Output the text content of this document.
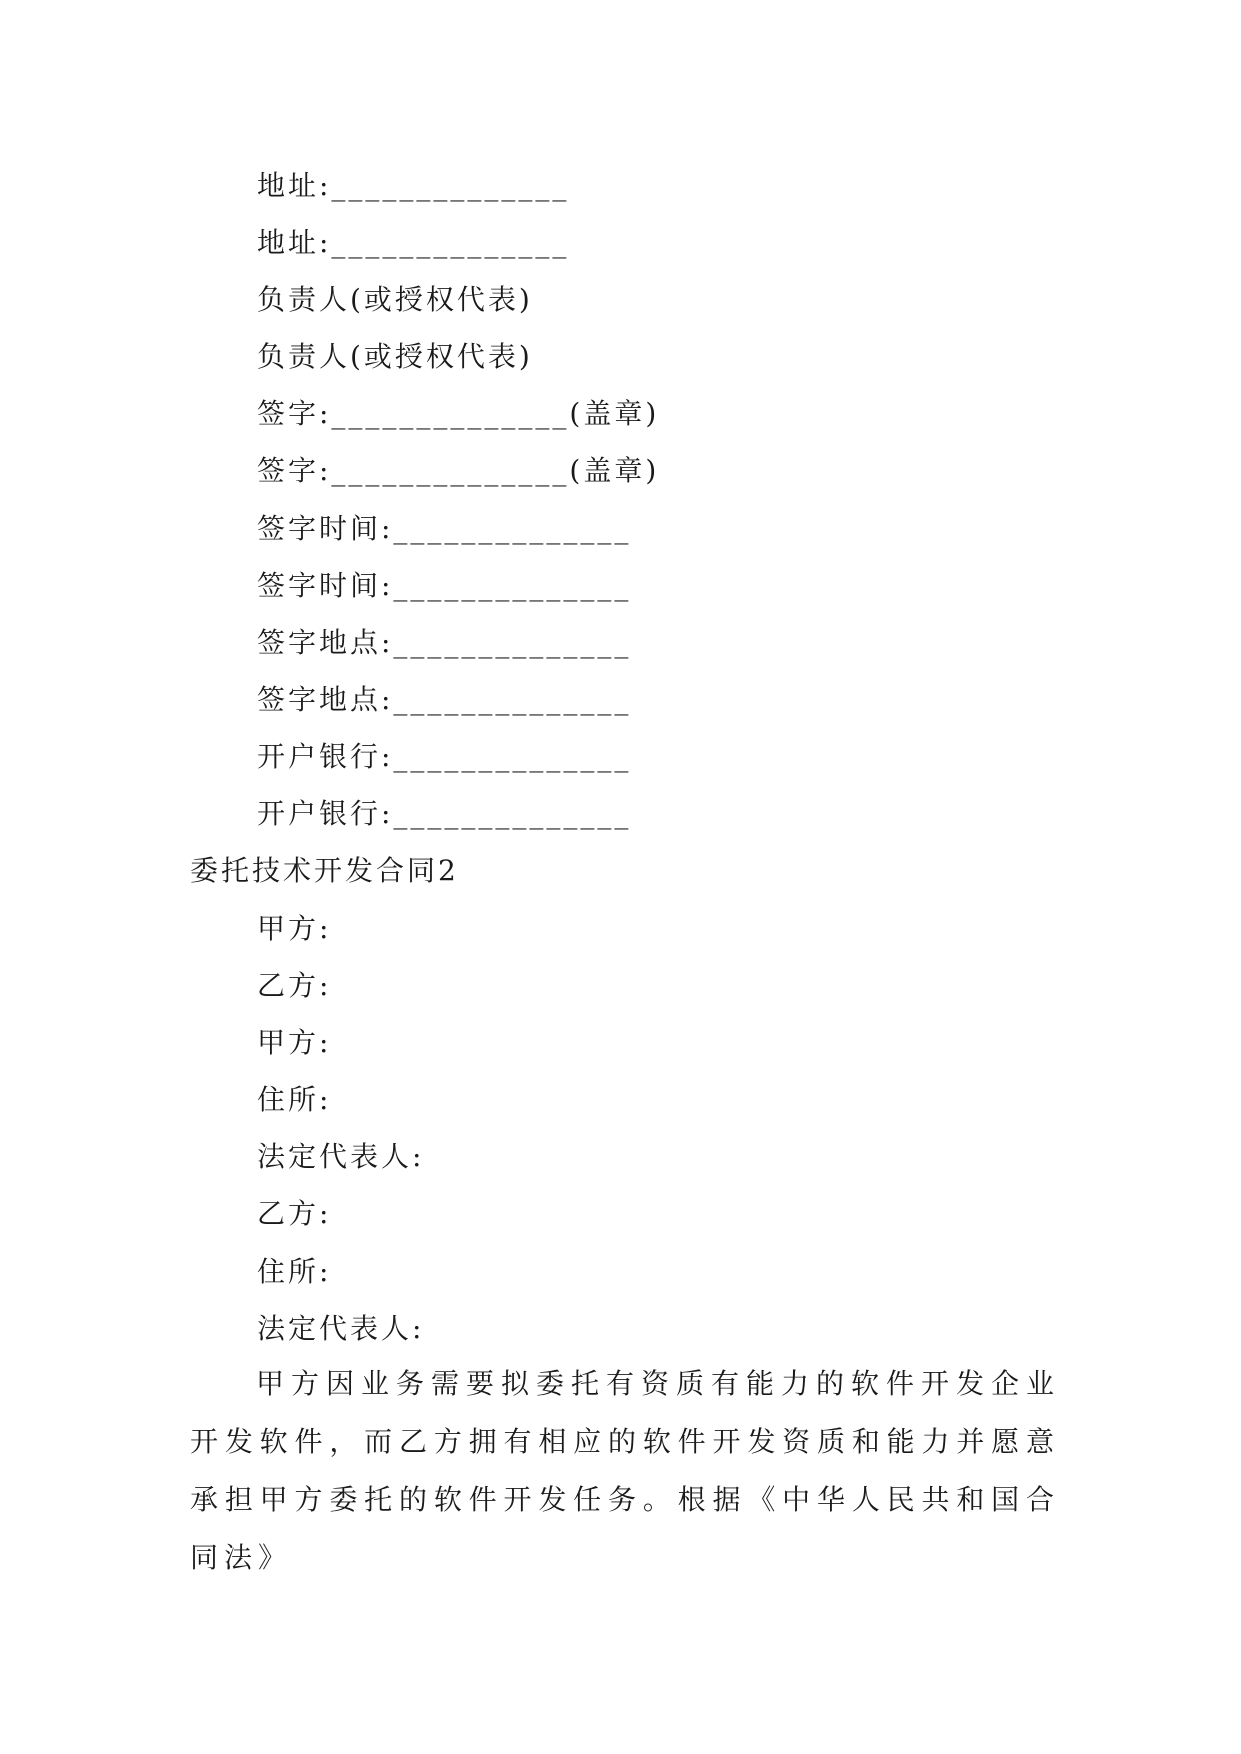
地址:______________
地址:______________
负责人(或授权代表)
负责人(或授权代表)
签字:______________(盖章)
签字:______________(盖章)
签字时间:______________
签字时间:______________
签字地点:______________
签字地点:______________
开户银行:______________
开户银行:______________
委托技术开发合同2
甲方:
乙方:
甲方:
住所:
法定代表人:
乙方:
住所:
法定代表人:
甲方因业务需要拟委托有资质有能力的软件开发企业开发软件，而乙方拥有相应的软件开发资质和能力并愿意承担甲方委托的软件开发任务。根据《中华人民共和国合同法》
